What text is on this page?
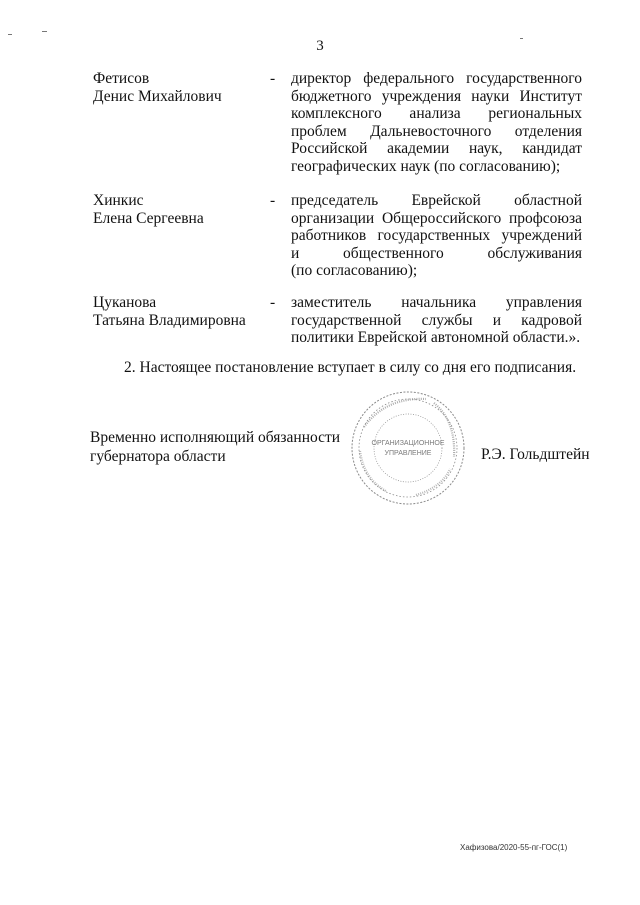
3
Фетисов
Денис Михайлович
- директор федерального государственного
бюджетного учреждения науки Институт
комплексного анализа региональных
проблем Дальневосточного отделения
Российской академии наук, кандидат
географических наук (по согласованию);
Хинкис
Елена Сергеевна
- председатель Еврейской областной
организации Общероссийского профсоюза
работников государственных учреждений
и общественного обслуживания
(по согласованию);
Цуканова
Татьяна Владимировна
- заместитель начальника управления
государственной службы и кадровой
политики Еврейской автономной области.».
2. Настоящее постановление вступает в силу со дня его подписания.
Временно исполняющий обязанности
губернатора области
ОРГАНИЗАЦИОННОЕ
УПРАВЛЕНИЕ	Р.Э. Гольдштейн
Хафизова/2020-55-пг-ГОС(1)
